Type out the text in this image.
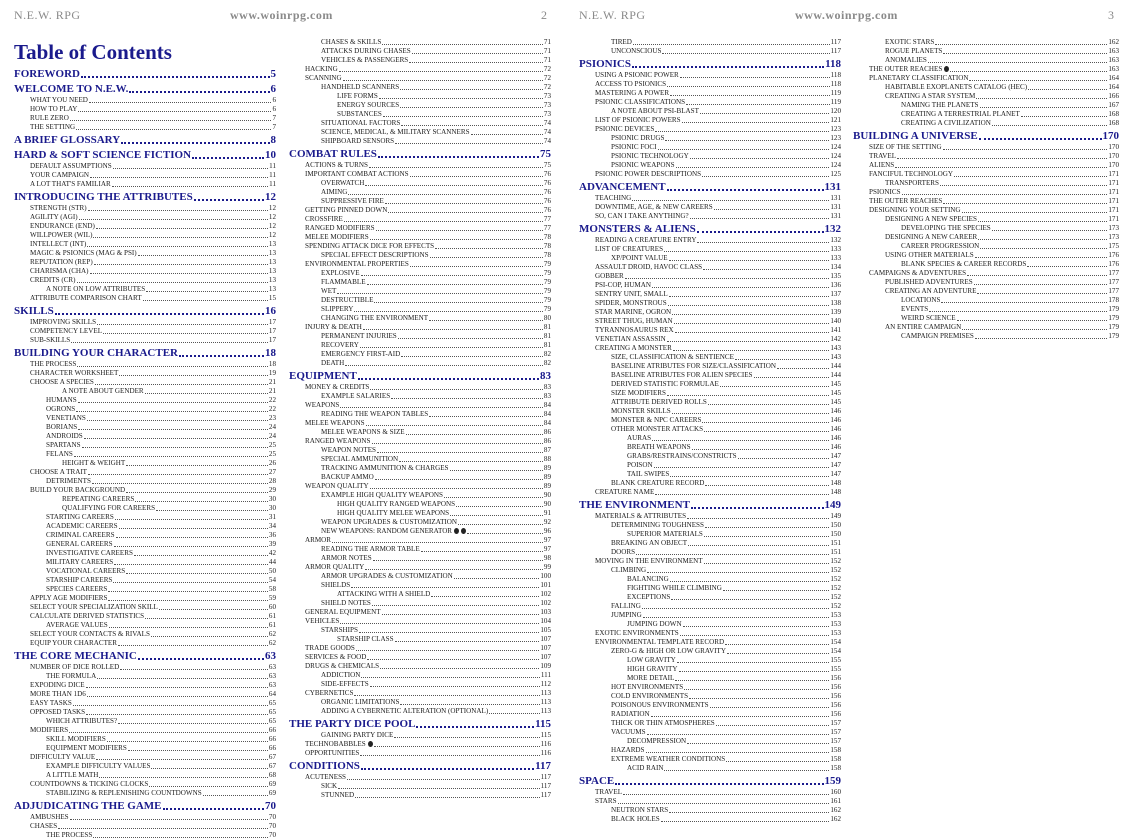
N.E.W. RPG	www.woinrpg.com	2
Table of Contents
FOREWORD	5
WELCOME TO N.E.W.	6
WHAT YOU NEED	6
HOW TO PLAY	6
RULE ZERO	7
THE SETTING	7
A BRIEF GLOSSARY	8
HARD & SOFT SCIENCE FICTION	10
DEFAULT ASSUMPTIONS	11
YOUR CAMPAIGN	11
A LOT THAT'S FAMILIAR	11
INTRODUCING THE ATTRIBUTES	12
STRENGTH (STR)	12
AGILITY (AGI)	12
ENDURANCE (END)	12
WILLPOWER (WIL)	12
INTELLECT (INT)	13
MAGIC & PSIONICS (MAG & PSI)	13
REPUTATION (REP)	13
CHARISMA (CHA)	13
CREDITS (CR)	13
A NOTE ON LOW ATTRIBUTES	13
ATTRIBUTE COMPARISON CHART	15
SKILLS	16
IMPROVING SKILLS	17
COMPETENCY LEVEL	17
SUB-SKILLS	17
BUILDING YOUR CHARACTER	18
THE PROCESS	18
CHARACTER WORKSHEET	19
CHOOSE A SPECIES	21
A NOTE ABOUT GENDER	21
HUMANS	22
OGRONS	22
VENETIANS	23
BORIANS	24
ANDROIDS	24
SPARTANS	25
FELANS	25
HEIGHT & WEIGHT	26
CHOOSE A TRAIT	27
DETRIMENTS	28
BUILD YOUR BACKGROUND	29
REPEATING CAREERS	30
QUALIFYING FOR CAREERS	30
STARTING CAREERS	31
ACADEMIC CAREERS	34
CRIMINAL CAREERS	36
GENERAL CAREERS	39
INVESTIGATIVE CAREERS	42
MILITARY CAREERS	44
VOCATIONAL CAREERS	50
STARSHIP CAREERS	54
SPECIES CAREERS	58
APPLY AGE MODIFIERS	59
SELECT YOUR SPECIALIZATION SKILL	60
CALCULATE DERIVED STATISTICS	61
AVERAGE VALUES	61
SELECT YOUR CONTACTS & RIVALS	62
EQUIP YOUR CHARACTER	62
THE CORE MECHANIC	63
NUMBER OF DICE ROLLED	63
THE FORMULA	63
EXPODING DICE	63
MORE THAN 1D6	64
EASY TASKS	65
OPPOSED TASKS	65
WHICH ATTRIBUTES?	65
MODIFIERS	66
SKILL MODIFIERS	66
EQUIPMENT MODIFIERS	66
DIFFICULTY VALUE	67
EXAMPLE DIFFICULTY VALUES	67
A LITTLE MATH	68
COUNTDOWNS & TICKING CLOCKS	69
STABILIZING & REPLENISHING COUNTDOWNS	69
ADJUDICATING THE GAME	70
AMBUSHES	70
CHASES	70
THE PROCESS	70
CHASES & SKILLS	71
ATTACKS DURING CHASES	71
VEHICLES & PASSENGERS	71
HACKING	72
SCANNING	72
HANDHELD SCANNERS	72
LIFE FORMS	73
ENERGY SOURCES	73
SUBSTANCES	73
SITUATIONAL FACTORS	74
SCIENCE, MEDICAL, & MILITARY SCANNERS	74
SHIPBOARD SENSORS	74
COMBAT RULES	75
ACTIONS & TURNS	75
IMPORTANT COMBAT ACTIONS	76
OVERWATCH	76
AIMING	76
SUPPRESSIVE FIRE	76
GETTING PINNED DOWN	76
CROSSFIRE	77
RANGED MODIFIERS	77
MELEE MODIFIERS	78
SPENDING ATTACK DICE FOR EFFECTS	78
SPECIAL EFFECT DESCRIPTIONS	78
ENVIRONMENTAL PROPERTIES	79
EXPLOSIVE	79
FLAMMABLE	79
WET	79
DESTRUCTIBLE	79
SLIPPERY	79
CHANGING THE ENVIRONMENT	80
INJURY & DEATH	81
PERMANENT INJURIES	81
RECOVERY	81
EMERGENCY FIRST-AID	82
DEATH	82
EQUIPMENT	83
MONEY & CREDITS	83
EXAMPLE SALARIES	83
WEAPONS	84
READING THE WEAPON TABLES	84
MELEE WEAPONS	84
MELEE WEAPONS & SIZE	86
RANGED WEAPONS	86
WEAPON NOTES	87
SPECIAL AMMUNITION	88
TRACKING AMMUNITION & CHARGES	89
BACKUP AMMO	89
WEAPON QUALITY	89
EXAMPLE HIGH QUALITY WEAPONS	90
HIGH QUALITY RANGED WEAPONS	90
HIGH QUALITY MELEE WEAPONS	91
WEAPON UPGRADES & CUSTOMIZATION	92
NEW WEAPONS: RANDOM GENERATOR	96
ARMOR	97
READING THE ARMOR TABLE	97
ARMOR NOTES	98
ARMOR QUALITY	99
ARMOR UPGRADES & CUSTOMIZATION	100
SHIELDS	101
ATTACKING WITH A SHIELD	102
SHIELD NOTES	102
GENERAL EQUIPMENT	103
VEHICLES	104
STARSHIPS	105
STARSHIP CLASS	107
TRADE GOODS	107
SERVICES & FOOD	107
DRUGS & CHEMICALS	109
ADDICTION	111
SIDE-EFFECTS	112
CYBERNETICS	113
ORGANIC LIMITATIONS	113
ADDING A CYBERNETIC ALTERATION (OPTIONAL)	113
THE PARTY DICE POOL	115
GAINING PARTY DICE	115
TECHNOBABBLES	116
OPPORTUNITIES	116
CONDITIONS	117
ACUTENESS	117
SICK	117
STUNNED	117
N.E.W. RPG	www.woinrpg.com	3
TIRED	117
UNCONSCIOUS	117
PSIONICS	118
USING A PSIONIC POWER	118
ACCESS TO PSIONICS	118
MASTERING A POWER	119
PSIONIC CLASSIFICATIONS	119
A NOTE ABOUT PSI-BLAST	120
LIST OF PSIONIC POWERS	121
PSIONIC DEVICES	123
PSIONIC DRUGS	123
PSIONIC FOCI	124
PSIONIC TECHNOLOGY	124
PSIONIC WEAPONS	124
PSIONIC POWER DESCRIPTIONS	125
ADVANCEMENT	131
TEACHING	131
DOWNTIME, AGE, & NEW CAREERS	131
SO, CAN I TAKE ANYTHING?	131
MONSTERS & ALIENS	132
READING A CREATURE ENTRY	132
LIST OF CREATURES	133
XP/POINT VALUE	133
ASSAULT DROID, HAVOC CLASS	134
GOBBER	135
PSI-COP, HUMAN	136
SENTRY UNIT, SMALL	137
SPIDER, MONSTROUS	138
STAR MARINE, OGRON	139
STREET THUG, HUMAN	140
TYRANNOSAURUS REX	141
VENETIAN ASSASSIN	142
CREATING A MONSTER	143
SIZE, CLASSIFICATION & SENTIENCE	143
BASELINE ATRIBUTES FOR SIZE/CLASSIFICATION	144
BASELINE ATRIBUTES FOR ALIEN SPECIES	144
DERIVED STATISTIC FORMULAE	145
SIZE MODIFIERS	145
ATTRIBUTE DERIVED ROLLS	145
MONSTER SKILLS	146
MONSTER & NPC CAREERS	146
OTHER MONSTER ATTACKS	146
AURAS	146
BREATH WEAPONS	146
GRABS/RESTRAINS/CONSTRICTS	147
POISON	147
TAIL SWIPES	147
BLANK CREATURE RECORD	148
CREATURE NAME	148
THE ENVIRONMENT	149
MATERIALS & ATTRIBUTES	149
DETERMINING TOUGHNESS	150
SUPERIOR MATERIALS	150
BREAKING AN OBJECT	151
DOORS	151
MOVING IN THE ENVIRONMENT	152
CLIMBING	152
BALANCING	152
FIGHTING WHILE CLIMBING	152
EXCEPTIONS	152
FALLING	152
JUMPING	153
JUMPING DOWN	153
EXOTIC ENVIRONMENTS	153
ENVIRONMENTAL TEMPLATE RECORD	154
ZERO-G & HIGH OR LOW GRAVITY	154
LOW GRAVITY	155
HIGH GRAVITY	155
MORE DETAIL	156
HOT ENVIRONMENTS	156
COLD ENVIRONMENTS	156
POISONOUS ENVIRONMENTS	156
RADIATION	156
THICK OR THIN ATMOSPHERES	157
VACUUMS	157
DECOMPRESSION	157
HAZARDS	158
EXTREME WEATHER CONDITIONS	158
ACID RAIN	158
SPACE	159
TRAVEL	160
STARS	161
NEUTRON STARS	162
BLACK HOLES	162
EXOTIC STARS	162
ROGUE PLANETS	163
ANOMALIES	163
THE OUTER REACHES	163
PLANETARY CLASSIFICATION	164
HABITABLE EXOPLANETS CATALOG (HEC)	164
CREATING A STAR SYSTEM	166
NAMING THE PLANETS	167
CREATING A TERRESTRIAL PLANET	168
CREATING A CIVILIZATION	168
BUILDING A UNIVERSE	170
SIZE OF THE SETTING	170
TRAVEL	170
ALIENS	170
FANCIFUL TECHNOLOGY	171
TRANSPORTERS	171
PSIONICS	171
THE OUTER REACHES	171
DESIGNING YOUR SETTING	171
DESIGNING A NEW SPECIES	171
DEVELOPING THE SPECIES	173
DESIGNING A NEW CAREER	173
CAREER PROGRESSION	175
USING OTHER MATERIALS	176
BLANK SPECIES & CAREER RECORDS	176
CAMPAIGNS & ADVENTURES	177
PUBLISHED ADVENTURES	177
CREATING AN ADVENTURE	177
LOCATIONS	178
EVENTS	179
WEIRD SCIENCE	179
AN ENTIRE CAMPAIGN	179
CAMPAIGN PREMISES	179
